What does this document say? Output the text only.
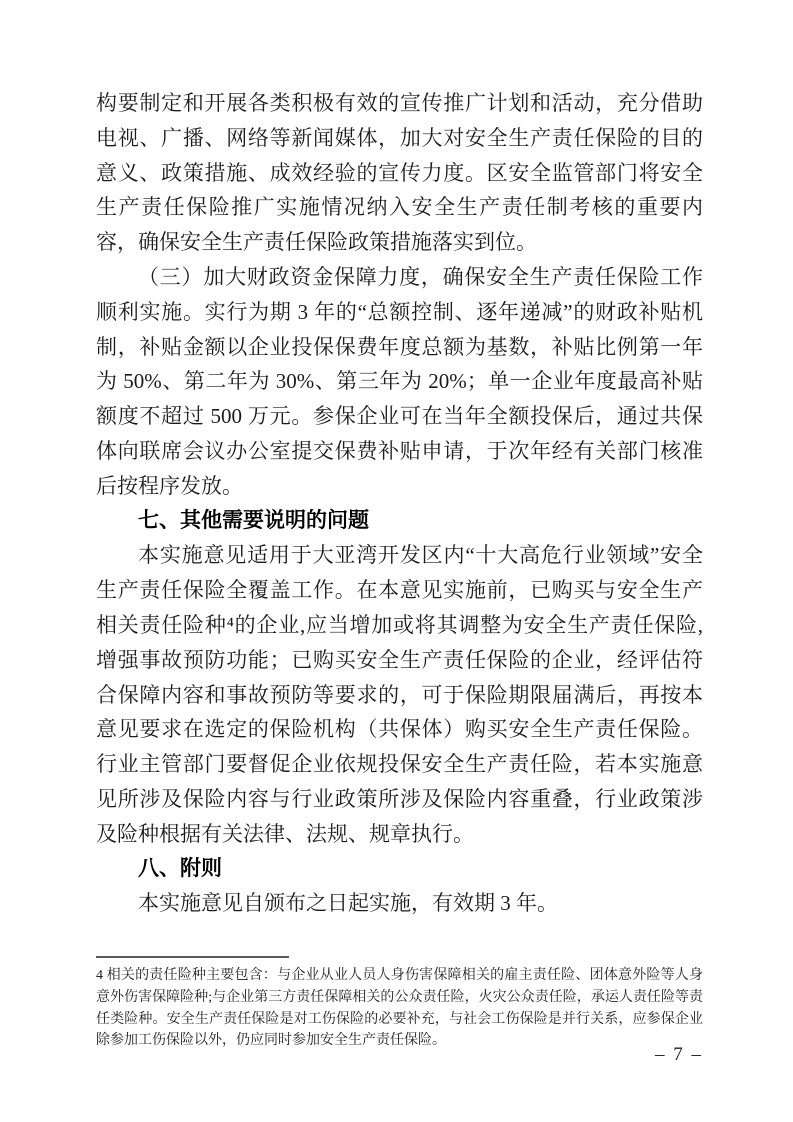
构要制定和开展各类积极有效的宣传推广计划和活动，充分借助
电视、广播、网络等新闻媒体，加大对安全生产责任保险的目的
意义、政策措施、成效经验的宣传力度。区安全监管部门将安全
生产责任保险推广实施情况纳入安全生产责任制考核的重要内
容，确保安全生产责任保险政策措施落实到位。
（三）加大财政资金保障力度，确保安全生产责任保险工作
顺利实施。实行为期 3 年的“总额控制、逐年递减”的财政补贴机
制，补贴金额以企业投保保费年度总额为基数，补贴比例第一年
为 50%、第二年为 30%、第三年为 20%；单一企业年度最高补贴
额度不超过 500 万元。参保企业可在当年全额投保后，通过共保
体向联席会议办公室提交保费补贴申请，于次年经有关部门核准
后按程序发放。
七、其他需要说明的问题
本实施意见适用于大亚湾开发区内“十大高危行业领域”安全
生产责任保险全覆盖工作。在本意见实施前，已购买与安全生产
相关责任险种⁴的企业,应当增加或将其调整为安全生产责任保险,
增强事故预防功能；已购买安全生产责任保险的企业，经评估符
合保障内容和事故预防等要求的，可于保险期限届满后，再按本
意见要求在选定的保险机构（共保体）购买安全生产责任保险。
行业主管部门要督促企业依规投保安全生产责任险，若本实施意
见所涉及保险内容与行业政策所涉及保险内容重叠，行业政策涉
及险种根据有关法律、法规、规章执行。
八、附则
本实施意见自颁布之日起实施，有效期 3 年。
4 相关的责任险种主要包含：与企业从业人员人身伤害保障相关的雇主责任险、团体意外险等人身
意外伤害保障险种;与企业第三方责任保障相关的公众责任险，火灾公众责任险，承运人责任险等责
任类险种。安全生产责任保险是对工伤保险的必要补充，与社会工伤保险是并行关系，应参保企业
除参加工伤保险以外，仍应同时参加安全生产责任保险。
– 7 –
